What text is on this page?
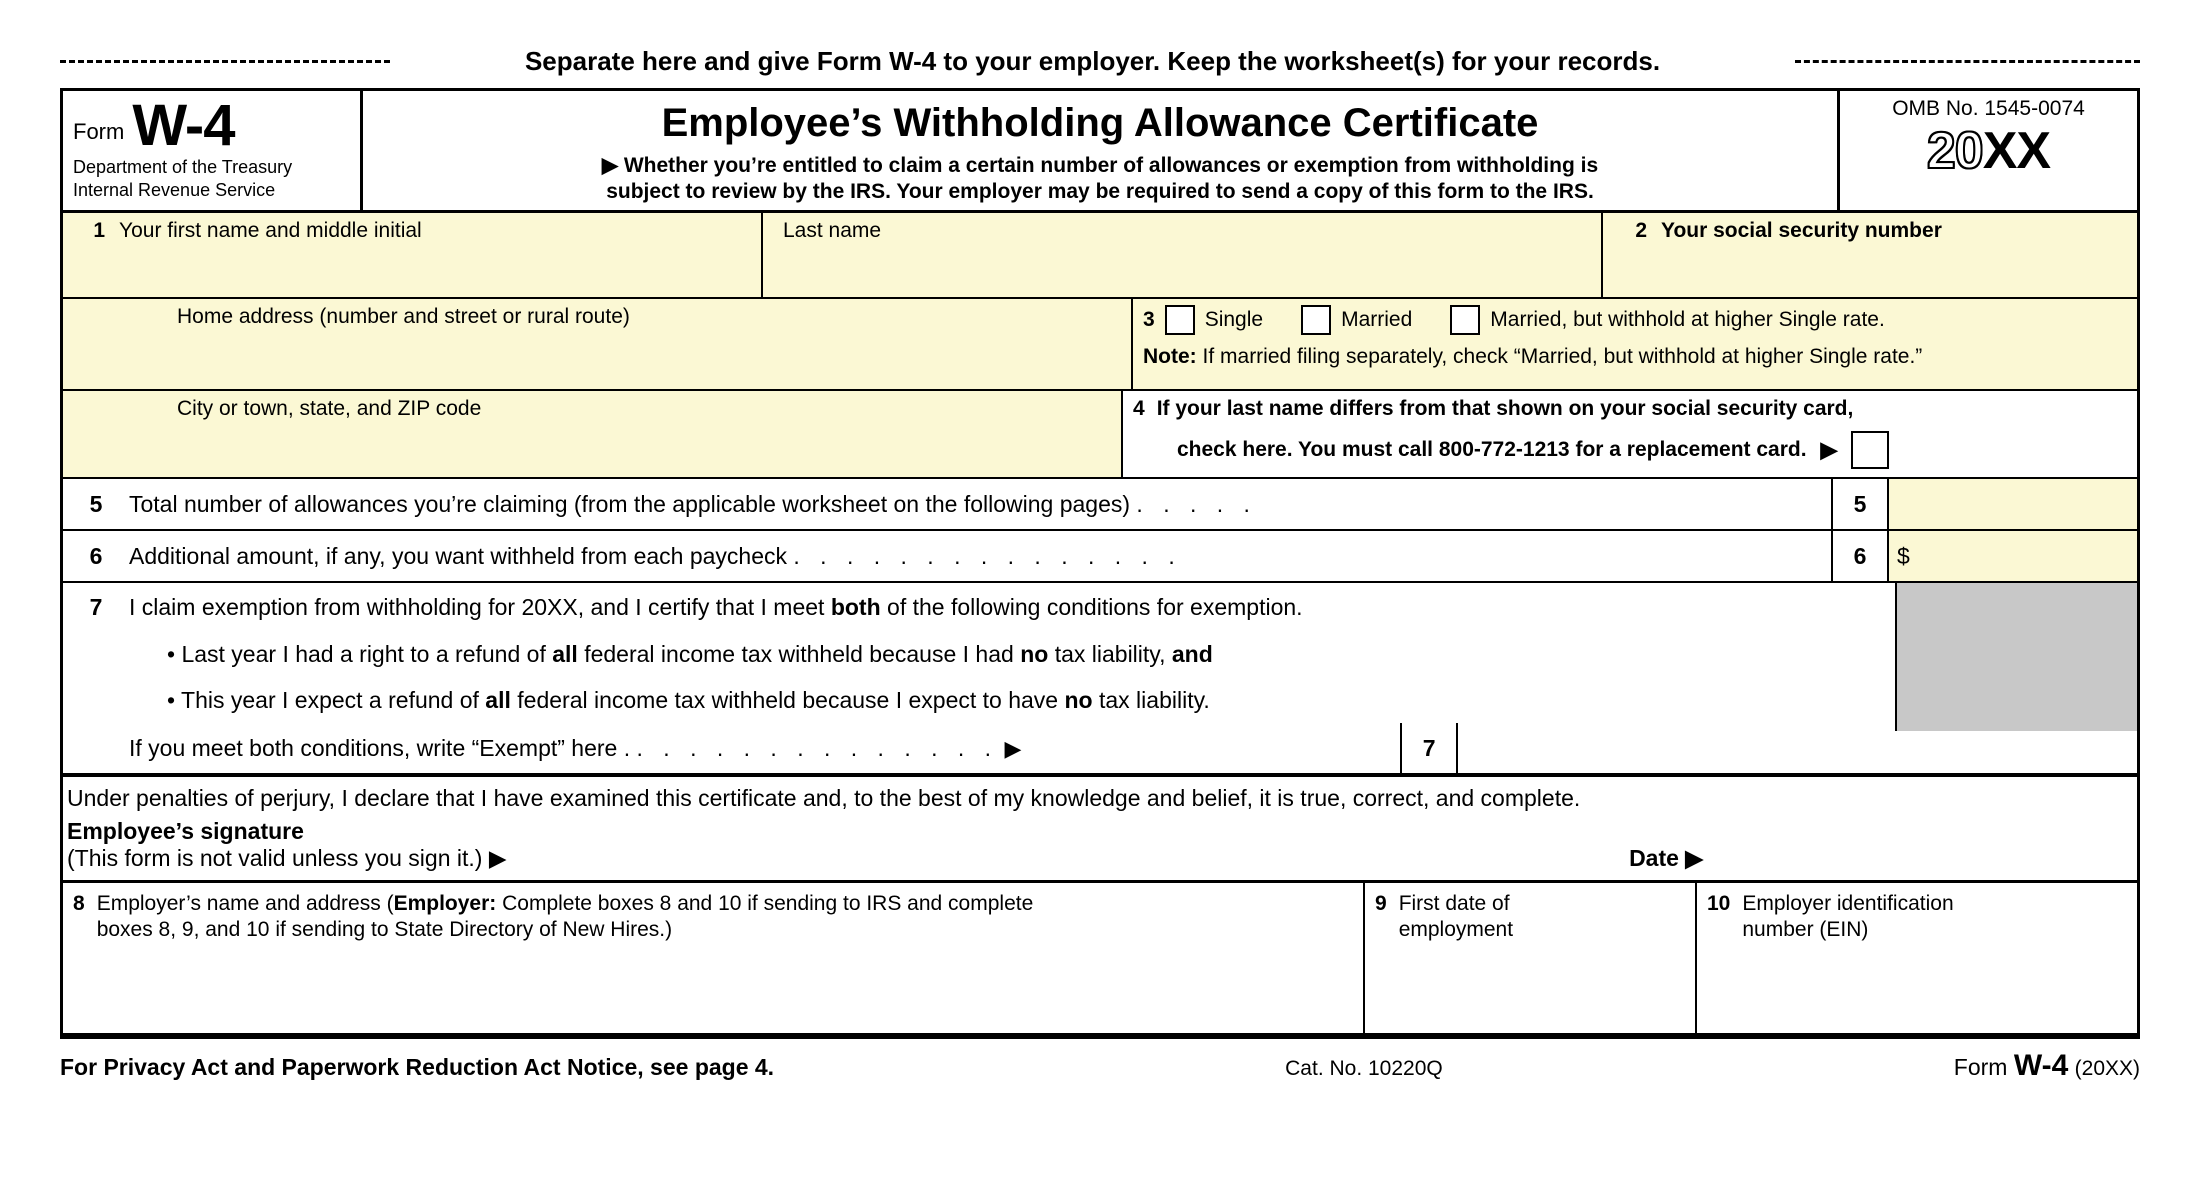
Separate here and give Form W-4 to your employer. Keep the worksheet(s) for your records.
Form W-4
Department of the Treasury
Internal Revenue Service
Employee’s Withholding Allowance Certificate
▶ Whether you’re entitled to claim a certain number of allowances or exemption from withholding is
subject to review by the IRS. Your employer may be required to send a copy of this form to the IRS.
OMB No. 1545-0074
20XX
1 Your first name and middle initial	Last name	2 Your social security number
Home address (number and street or rural route)	3 Single	Married	Married, but withhold at higher Single rate.
Note: If married filing separately, check “Married, but withhold at higher Single rate.”
City or town, state, and ZIP code	4 If your last name differs from that shown on your social security card,
check here. You must call 800-772-1213 for a replacement card. ▶
5	Total number of allowances you’re claiming (from the applicable worksheet on the following pages) . . . . .	5
6	Additional amount, if any, you want withheld from each paycheck . . . . . . . . . . . . . . .	6	$
7	I claim exemption from withholding for 20XX, and I certify that I meet both of the following conditions for exemption.
• Last year I had a right to a refund of all federal income tax withheld because I had no tax liability, and
• This year I expect a refund of all federal income tax withheld because I expect to have no tax liability.
If you meet both conditions, write “Exempt” here . . . . . . . . . . . . . . . ▶	7
Under penalties of perjury, I declare that I have examined this certificate and, to the best of my knowledge and belief, it is true, correct, and complete.
Employee’s signature
(This form is not valid unless you sign it.) ▶	Date ▶
8 Employer’s name and address (Employer: Complete boxes 8 and 10 if sending to IRS and complete
boxes 8, 9, and 10 if sending to State Directory of New Hires.)
9 First date of
employment
10 Employer identification
number (EIN)
For Privacy Act and Paperwork Reduction Act Notice, see page 4.	Cat. No. 10220Q	Form W-4 (20XX)
